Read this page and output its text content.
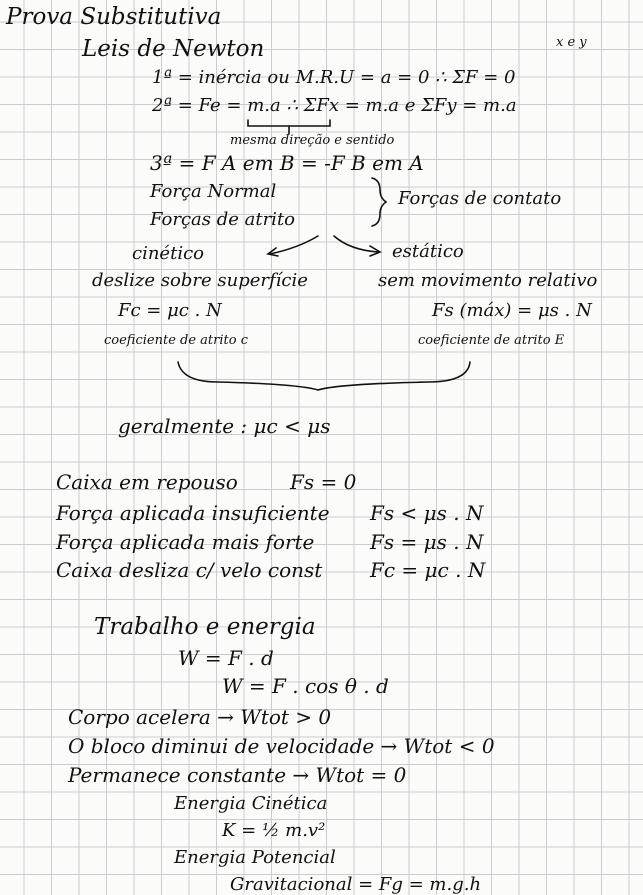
Prova Substitutiva
Leis de Newton	x e y
1ª = inércia ou M.R.U = a = 0 ∴ ΣF = 0
2ª = Fe = m.a ∴ ΣFx = m.a e ΣFy = m.a
mesma direção e sentido
3ª = F A em B = -F B em A
Força Normal
Forças de atrito
Forças de contato
cinético	estático
deslize sobre superfície	sem movimento relativo
Fc = μc . N	Fs (máx) = μs . N
coeficiente de atrito c	coeficiente de atrito E
geralmente : μc < μs
Caixa em repouso	Fs = 0
Força aplicada insuficiente Fs < μs . N
Força aplicada mais forte	Fs = μs . N
Caixa desliza c/ velo const Fc = μc . N
Trabalho e energia
W = F . d
W = F . cos θ . d
Corpo acelera → Wtot > 0
O bloco diminui de velocidade → Wtot < 0
Permanece constante → Wtot = 0
Energia Cinética
K = ½ m.v²
Energia Potencial
Gravitacional = Fg = m.g.h
